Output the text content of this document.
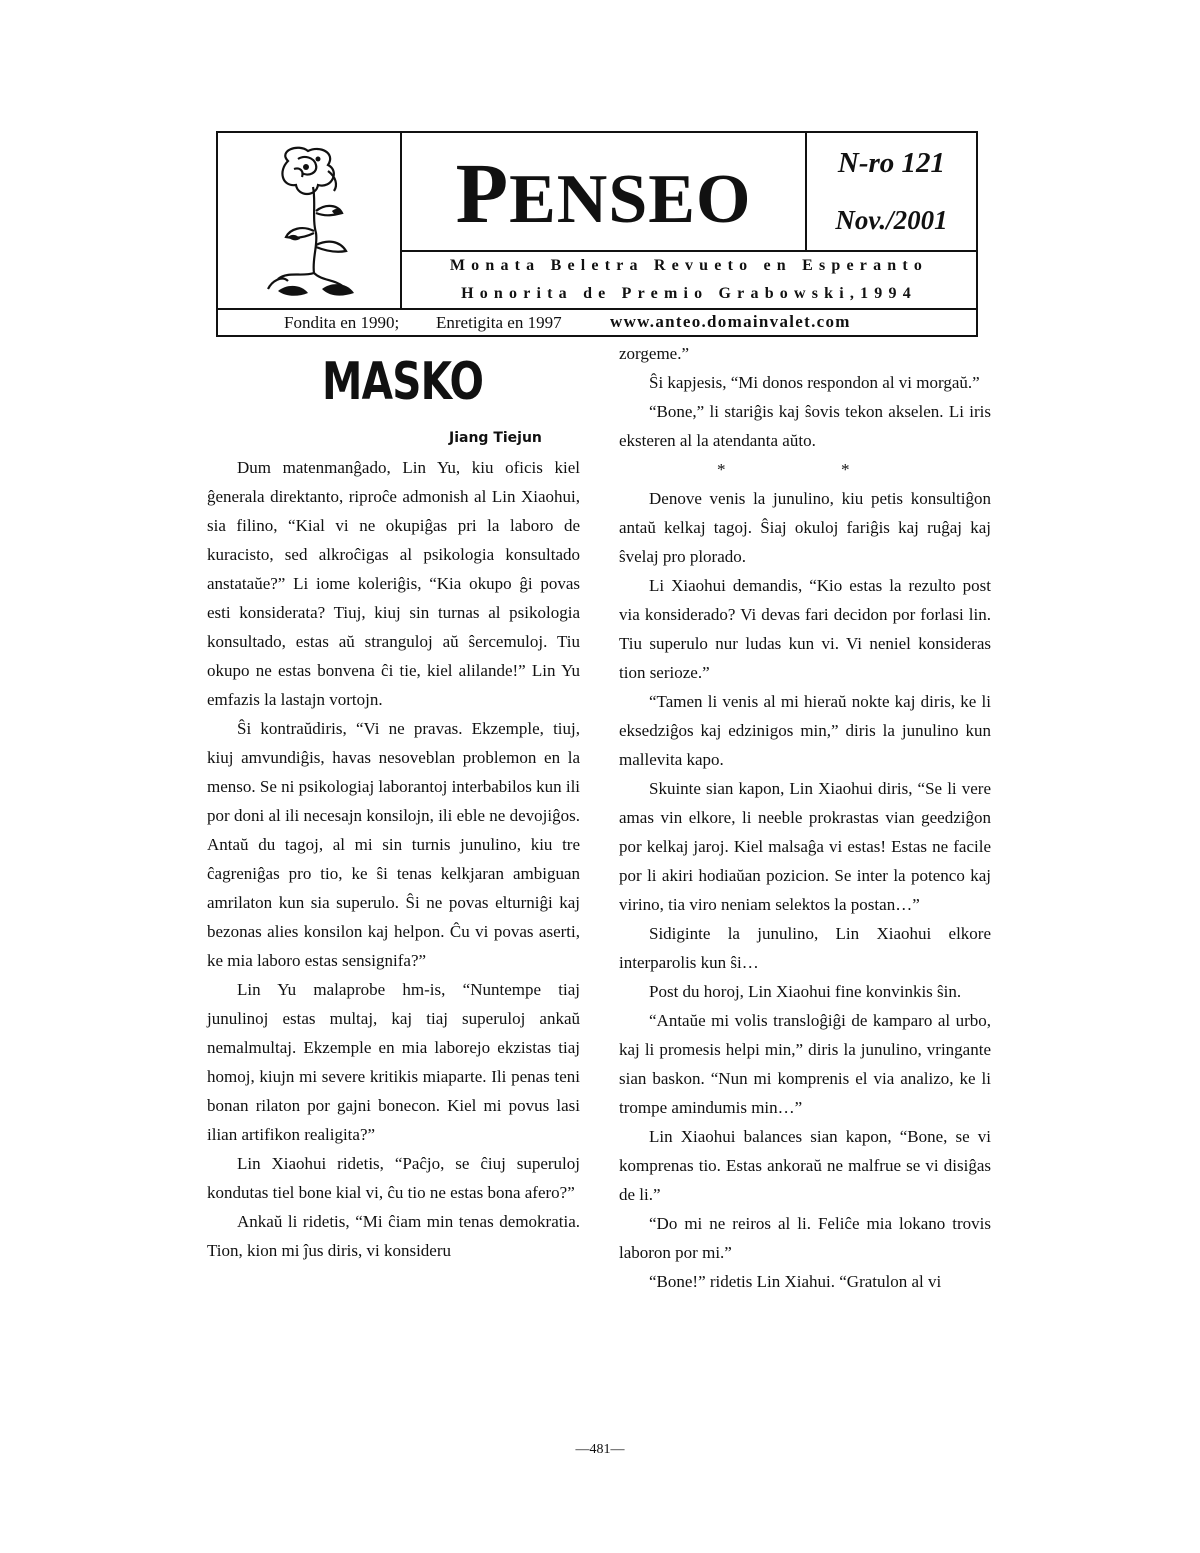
PENSEO	N-ro 121
Nov./2001
Monata Beletra Revueto en Esperanto
Honorita de Premio Grabowski,1994
Fondita en 1990; Enretigita en 1997	www.anteo.domainvalet.com
MASKO
Jiang Tiejun

Dum matenmanĝado, Lin Yu, kiu oficis kiel ĝenerala direktanto, riproĉe admonish al Lin Xiaohui, sia filino, “Kial vi ne okupiĝas pri la laboro de kuracisto, sed alkroĉigas al psikologia konsultado anstataŭe?” Li iome koleriĝis, “Kia okupo ĝi povas esti konsiderata? Tiuj, kiuj sin turnas al psikologia konsultado, estas aŭ stranguloj aŭ ŝercemuloj. Tiu okupo ne estas bonvena ĉi tie, kiel alilande!” Lin Yu emfazis la lastajn vortojn.

Ŝi kontraŭdiris, “Vi ne pravas. Ekzemple, tiuj, kiuj amvundiĝis, havas nesoveblan problemon en la menso. Se ni psikologiaj laborantoj interbabilos kun ili por doni al ili necesajn konsilojn, ili eble ne devojiĝos. Antaŭ du tagoj, al mi sin turnis junulino, kiu tre ĉagreniĝas pro tio, ke ŝi tenas kelkjaran ambiguan amrilaton kun sia superulo. Ŝi ne povas elturniĝi kaj bezonas alies konsilon kaj helpon. Ĉu vi povas aserti, ke mia laboro estas sensignifa?”

Lin Yu malaprobe hm-is, “Nuntempe tiaj junulinoj estas multaj, kaj tiaj superuloj ankaŭ nemalmultaj. Ekzemple en mia laborejo ekzistas tiaj homoj, kiujn mi severe kritikis miaparte. Ili penas teni bonan rilaton por gajni bonecon. Kiel mi povus lasi ilian artifikon realigita?”

Lin Xiaohui ridetis, “Paĉjo, se ĉiuj superuloj kondutas tiel bone kial vi, ĉu tio ne estas bona afero?”

Ankaŭ li ridetis, “Mi ĉiam min tenas demokratia. Tion, kion mi ĵus diris, vi konsideru

zorgeme.”

Ŝi kapjesis, “Mi donos respondon al vi morgaŭ.”

“Bone,” li stariĝis kaj ŝovis tekon akselen. Li iris eksteren al la atendanta aŭto.

*	*

Denove venis la junulino, kiu petis konsultiĝon antaŭ kelkaj tagoj. Ŝiaj okuloj fariĝis kaj ruĝaj kaj ŝvelaj pro plorado.

Li Xiaohui demandis, “Kio estas la rezulto post via konsiderado? Vi devas fari decidon por forlasi lin. Tiu superulo nur ludas kun vi. Vi neniel konsideras tion serioze.”

“Tamen li venis al mi hieraŭ nokte kaj diris, ke li eksedziĝos kaj edzinigos min,” diris la junulino kun mallevita kapo.

Skuinte sian kapon, Lin Xiaohui diris, “Se li vere amas vin elkore, li neeble prokrastas vian geedziĝon por kelkaj jaroj. Kiel malsaĝa vi estas! Estas ne facile por li akiri hodiaŭan pozicion. Se inter la potenco kaj virino, tia viro neniam selektos la postan…”

Sidiginte la junulino, Lin Xiaohui elkore interparolis kun ŝi…

Post du horoj, Lin Xiaohui fine konvinkis ŝin.

“Antaŭe mi volis transloĝiĝi de kamparo al urbo, kaj li promesis helpi min,” diris la junulino, vringante sian baskon. “Nun mi komprenis el via analizo, ke li trompe amindumis min…”

Lin Xiaohui balances sian kapon, “Bone, se vi komprenas tio. Estas ankoraŭ ne malfrue se vi disiĝas de li.”

“Do mi ne reiros al li. Feliĉe mia lokano trovis laboron por mi.”

“Bone!” ridetis Lin Xiahui. “Gratulon al vi

—481—
